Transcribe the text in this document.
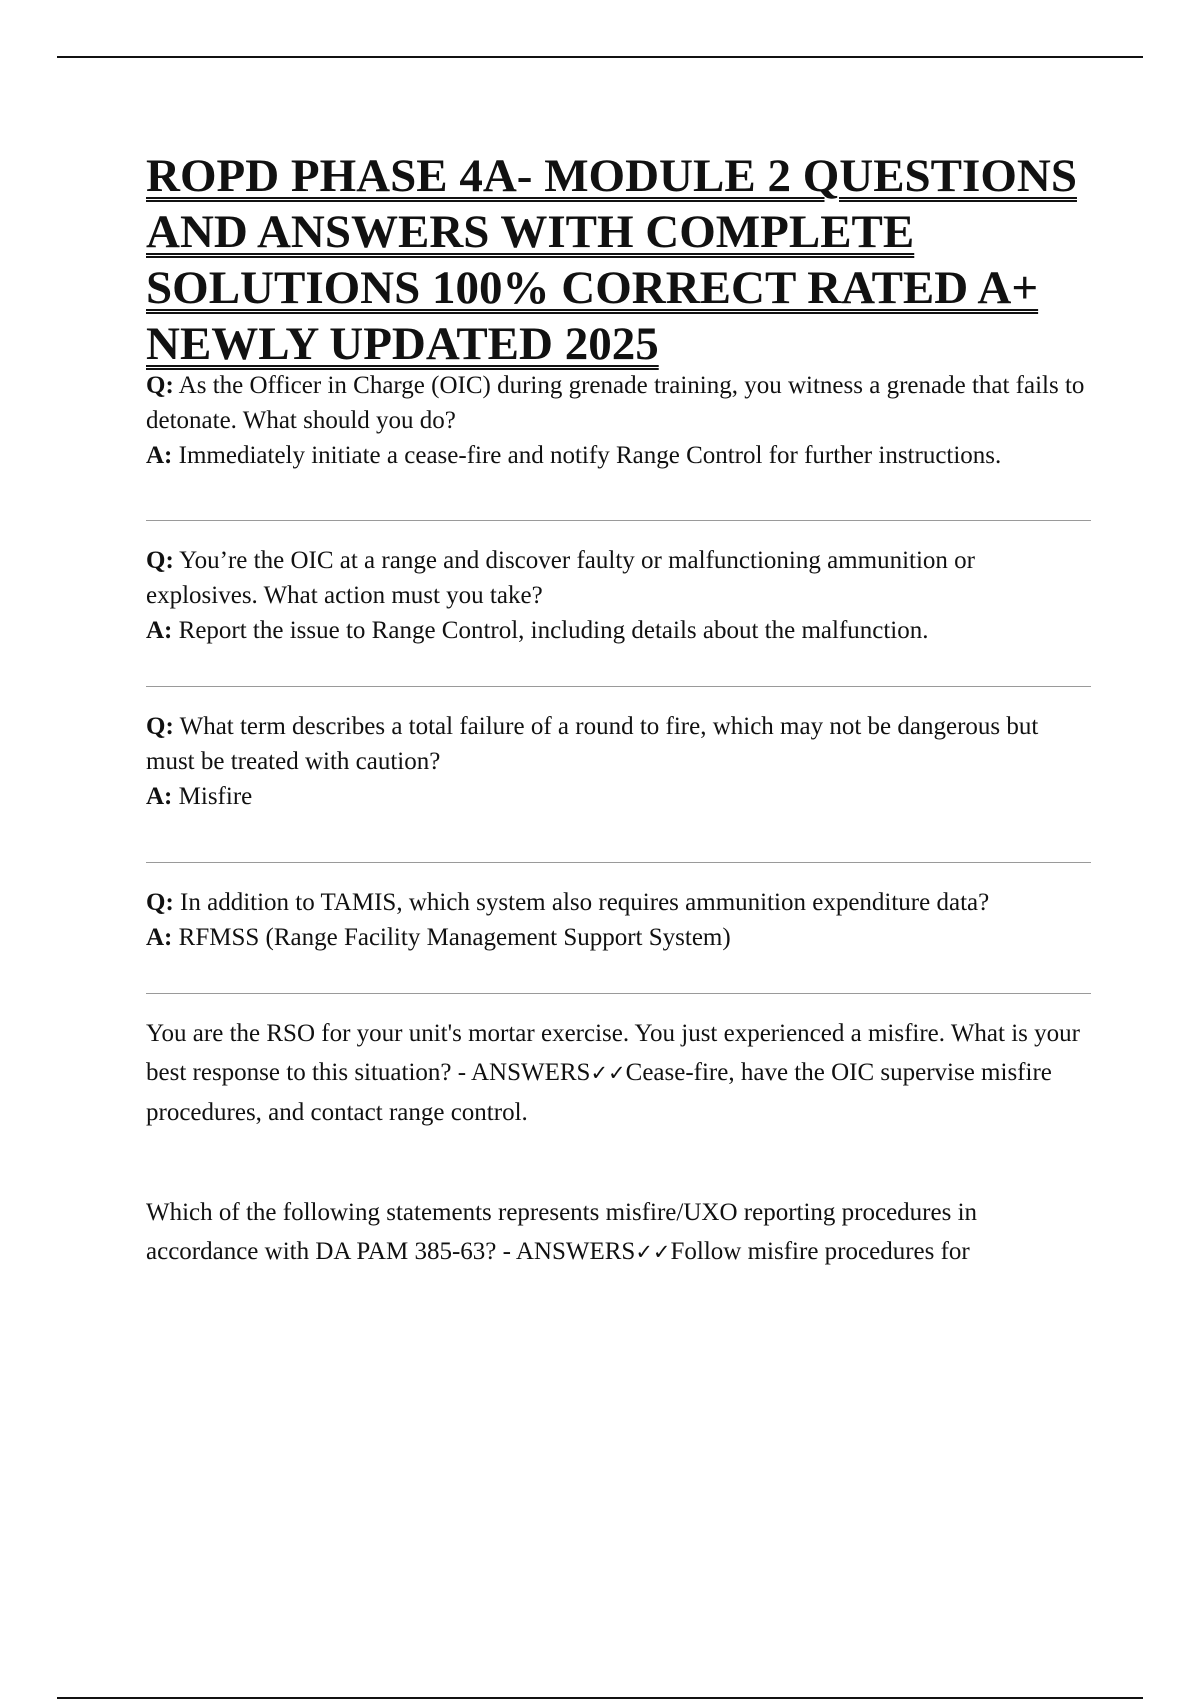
ROPD PHASE 4A- MODULE 2 QUESTIONS AND ANSWERS WITH COMPLETE SOLUTIONS 100% CORRECT RATED A+ NEWLY UPDATED 2025
Q: As the Officer in Charge (OIC) during grenade training, you witness a grenade that fails to detonate. What should you do?
A: Immediately initiate a cease-fire and notify Range Control for further instructions.
Q: You’re the OIC at a range and discover faulty or malfunctioning ammunition or explosives. What action must you take?
A: Report the issue to Range Control, including details about the malfunction.
Q: What term describes a total failure of a round to fire, which may not be dangerous but must be treated with caution?
A: Misfire
Q: In addition to TAMIS, which system also requires ammunition expenditure data?
A: RFMSS (Range Facility Management Support System)
You are the RSO for your unit's mortar exercise. You just experienced a misfire. What is your best response to this situation? - ANSWERS✓✓Cease-fire, have the OIC supervise misfire procedures, and contact range control.
Which of the following statements represents misfire/UXO reporting procedures in accordance with DA PAM 385-63? - ANSWERS✓✓Follow misfire procedures for
